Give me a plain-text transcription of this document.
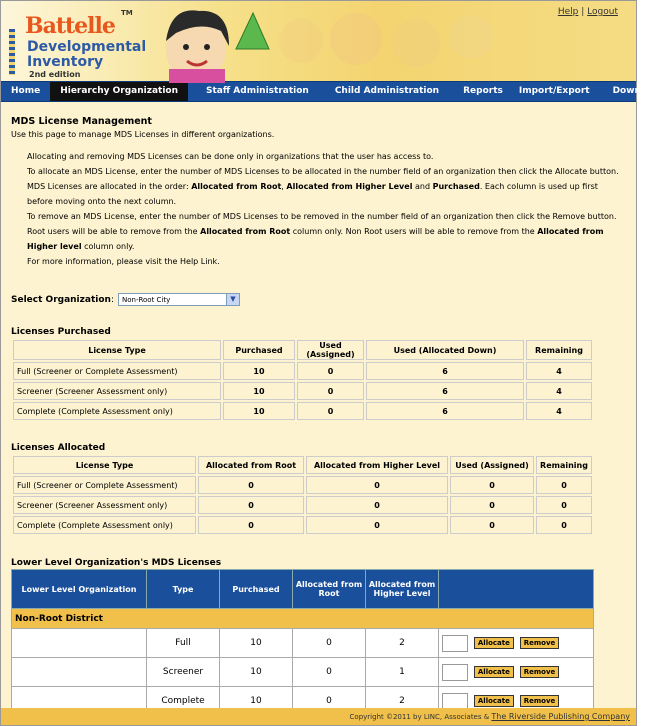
Battelle TM
Developmental
Inventory
2nd edition
Help | Logout
Home	Hierarchy Organization	Staff Administration	Child Administration	Reports	Import/Export	Download
MDS License Management
Use this page to manage MDS Licenses in different organizations.

Allocating and removing MDS Licenses can be done only in organizations that the user has access to.

To allocate an MDS License, enter the number of MDS Licenses to be allocated in the number field of an organization then click the Allocate button. MDS Licenses are allocated in the order: Allocated from Root, Allocated from Higher Level and Purchased. Each column is used up first before moving onto the next column.

To remove an MDS License, enter the number of MDS Licenses to be removed in the number field of an organization then click the Remove button. Root users will be able to remove from the Allocated from Root column only. Non Root users will be able to remove from the Allocated from Higher level column only.

For more information, please visit the Help Link.

Select Organization :	Non-Root City	▼
Licenses Purchased
License Type	Purchased	Used (Assigned)	Used (Allocated Down)	Remaining
Full (Screener or Complete Assessment)	10	0	6	4
Screener (Screener Assessment only)	10	0	6	4
Complete (Complete Assessment only)	10	0	6	4
Licenses Allocated
License Type	Allocated from Root	Allocated from Higher Level	Used (Assigned)	Remaining
Full (Screener or Complete Assessment)	0	0	0	0
Screener (Screener Assessment only)	0	0	0	0
Complete (Complete Assessment only)	0	0	0	0
Lower Level Organization's MDS Licenses
Lower Level Organization	Type	Purchased	Allocated from Root	Allocated from Higher Level	
Non-Root District					
	Full	10	0	2	Allocate Remove
	Screener	10	0	1	Allocate Remove
	Complete	10	0	2	Allocate Remove
Copyright ©2011 by LINC, Associates & The Riverside Publishing Company
